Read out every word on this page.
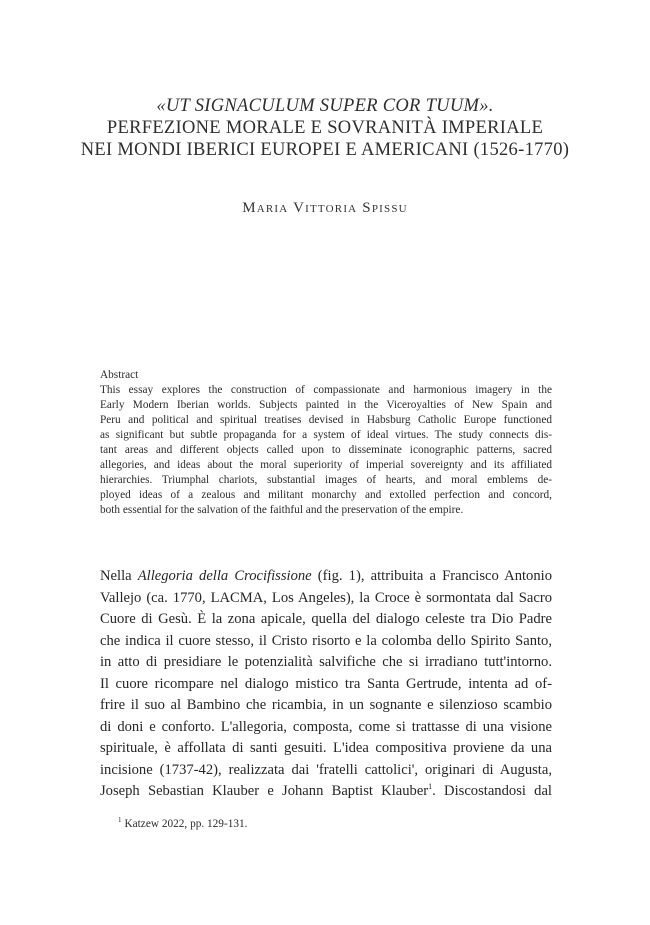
«UT SIGNACULUM SUPER COR TUUM».
PERFEZIONE MORALE E SOVRANITÀ IMPERIALE
NEI MONDI IBERICI EUROPEI E AMERICANI (1526-1770)
Maria Vittoria Spissu
Abstract
This essay explores the construction of compassionate and harmonious imagery in the
Early Modern Iberian worlds. Subjects painted in the Viceroyalties of New Spain and
Peru and political and spiritual treatises devised in Habsburg Catholic Europe functioned
as significant but subtle propaganda for a system of ideal virtues. The study connects dis-
tant areas and different objects called upon to disseminate iconographic patterns, sacred
allegories, and ideas about the moral superiority of imperial sovereignty and its affiliated
hierarchies. Triumphal chariots, substantial images of hearts, and moral emblems de-
ployed ideas of a zealous and militant monarchy and extolled perfection and concord,
both essential for the salvation of the faithful and the preservation of the empire.
Nella Allegoria della Crocifissione (fig. 1), attribuita a Francisco Antonio
Vallejo (ca. 1770, LACMA, Los Angeles), la Croce è sormontata dal Sacro
Cuore di Gesù. È la zona apicale, quella del dialogo celeste tra Dio Padre
che indica il cuore stesso, il Cristo risorto e la colomba dello Spirito Santo,
in atto di presidiare le potenzialità salvifiche che si irradiano tutt'intorno.
Il cuore ricompare nel dialogo mistico tra Santa Gertrude, intenta ad of-
frire il suo al Bambino che ricambia, in un sognante e silenzioso scambio
di doni e conforto. L'allegoria, composta, come si trattasse di una visione
spirituale, è affollata di santi gesuiti. L'idea compositiva proviene da una
incisione (1737-42), realizzata dai 'fratelli cattolici', originari di Augusta,
Joseph Sebastian Klauber e Johann Baptist Klauber$^1$. Discostandosi dal
$^1$ Katzew 2022, pp. 129-131.
